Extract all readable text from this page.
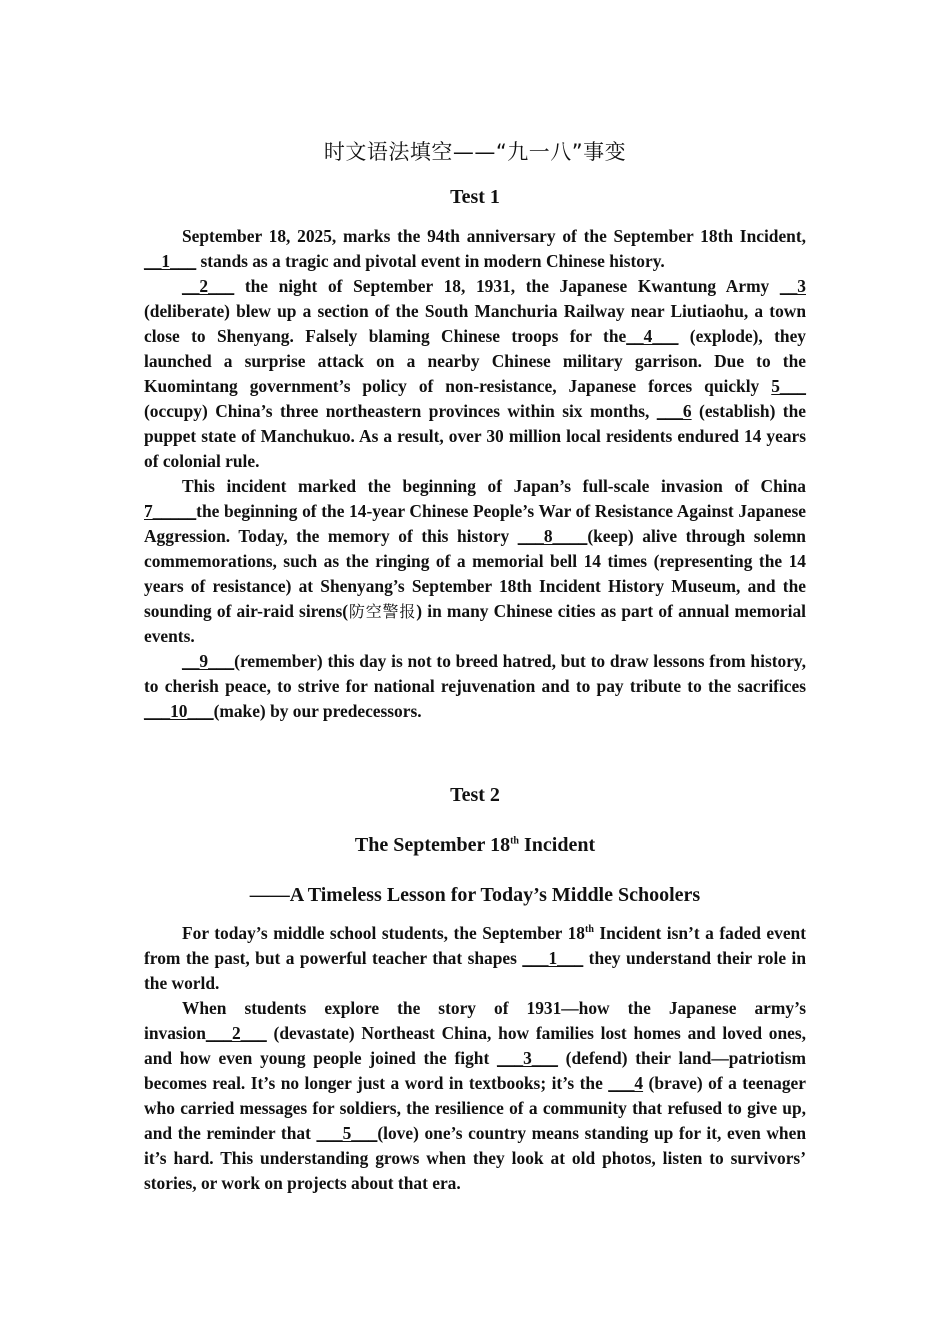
时文语法填空——“九一八”事变
Test 1

September 18, 2025, marks the 94th anniversary of the September 18th Incident, __1___ stands as a tragic and pivotal event in modern Chinese history.

__2___ the night of September 18, 1931, the Japanese Kwantung Army __3 (deliberate) blew up a section of the South Manchuria Railway near Liutiaohu, a town close to Shenyang. Falsely blaming Chinese troops for the__4___ (explode), they launched a surprise attack on a nearby Chinese military garrison. Due to the Kuomintang government’s policy of non-resistance, Japanese forces quickly 5___ (occupy) China’s three northeastern provinces within six months, ___6 (establish) the puppet state of Manchukuo. As a result, over 30 million local residents endured 14 years of colonial rule.

This incident marked the beginning of Japan’s full-scale invasion of China 7_____the beginning of the 14-year Chinese People’s War of Resistance Against Japanese Aggression. Today, the memory of this history ___8____(keep) alive through solemn commemorations, such as the ringing of a memorial bell 14 times (representing the 14 years of resistance) at Shenyang’s September 18th Incident History Museum, and the sounding of air-raid sirens(防空警报) in many Chinese cities as part of annual memorial events.

__9___(remember) this day is not to breed hatred, but to draw lessons from history, to cherish peace, to strive for national rejuvenation and to pay tribute to the sacrifices ___10___(make) by our predecessors.

Test 2
The September 18th Incident
——A Timeless Lesson for Today’s Middle Schoolers

For today’s middle school students, the September 18th Incident isn’t a faded event from the past, but a powerful teacher that shapes ___1___ they understand their role in the world.

When students explore the story of 1931—how the Japanese army’s invasion___2___ (devastate) Northeast China, how families lost homes and loved ones, and how even young people joined the fight ___3___ (defend) their land—patriotism becomes real. It’s no longer just a word in textbooks; it’s the ___4 (brave) of a teenager who carried messages for soldiers, the resilience of a community that refused to give up, and the reminder that ___5___(love) one’s country means standing up for it, even when it’s hard. This understanding grows when they look at old photos, listen to survivors’ stories, or work on projects about that era.
